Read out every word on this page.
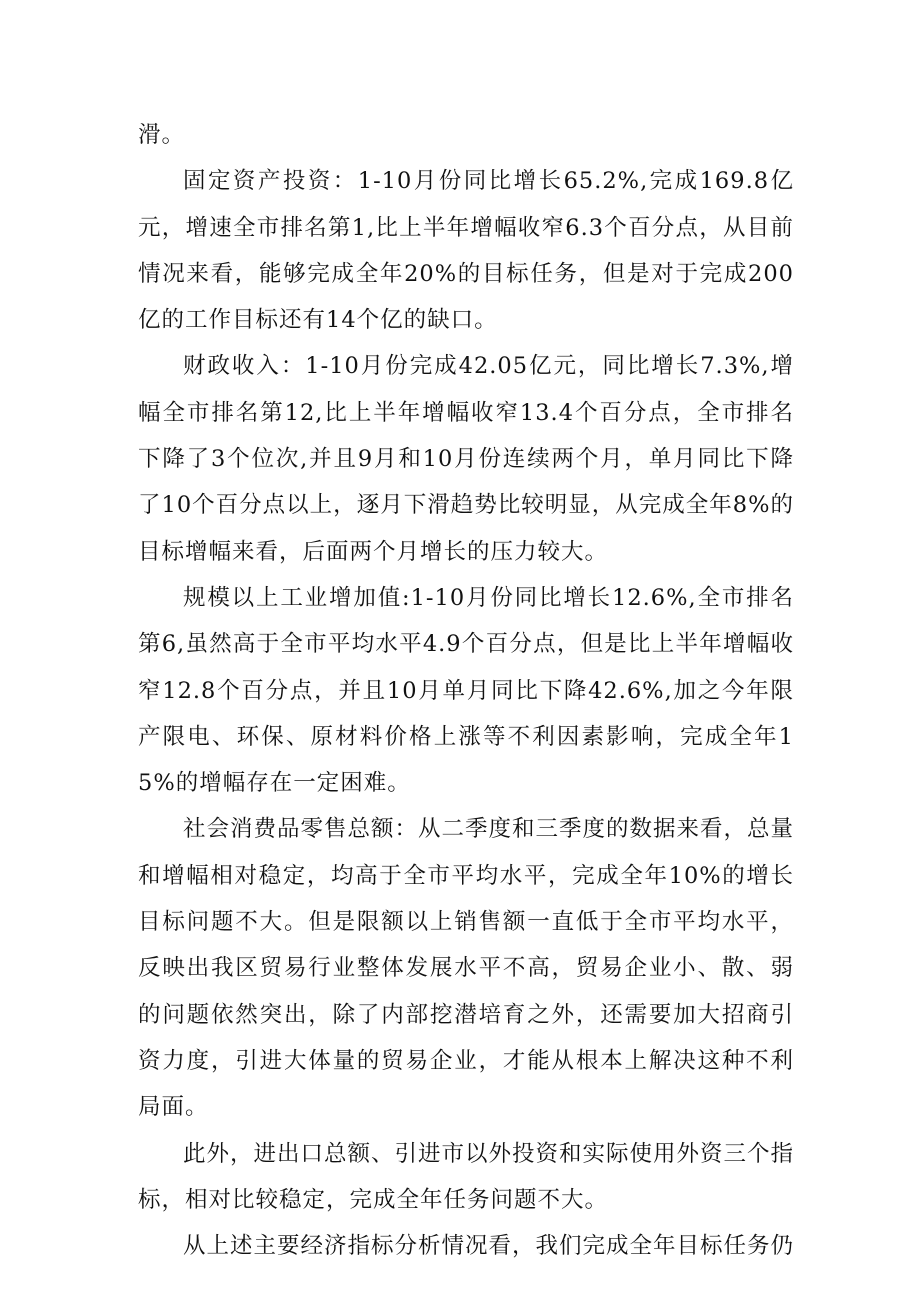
滑。

固定资产投资：1-10月份同比增长65.2%,完成169.8亿元，增速全市排名第1,比上半年增幅收窄6.3个百分点，从目前情况来看，能够完成全年20%的目标任务，但是对于完成200亿的工作目标还有14个亿的缺口。

财政收入：1-10月份完成42.05亿元，同比增长7.3%,增幅全市排名第12,比上半年增幅收窄13.4个百分点，全市排名下降了3个位次,并且9月和10月份连续两个月，单月同比下降了10个百分点以上，逐月下滑趋势比较明显，从完成全年8%的目标增幅来看，后面两个月增长的压力较大。

规模以上工业增加值:1-10月份同比增长12.6%,全市排名第6,虽然高于全市平均水平4.9个百分点，但是比上半年增幅收窄12.8个百分点，并且10月单月同比下降42.6%,加之今年限产限电、环保、原材料价格上涨等不利因素影响，完成全年15%的增幅存在一定困难。

社会消费品零售总额：从二季度和三季度的数据来看，总量和增幅相对稳定，均高于全市平均水平，完成全年10%的增长目标问题不大。但是限额以上销售额一直低于全市平均水平，反映出我区贸易行业整体发展水平不高，贸易企业小、散、弱的问题依然突出，除了内部挖潜培育之外，还需要加大招商引资力度，引进大体量的贸易企业，才能从根本上解决这种不利局面。

此外，进出口总额、引进市以外投资和实际使用外资三个指标，相对比较稳定，完成全年任务问题不大。

从上述主要经济指标分析情况看，我们完成全年目标任务仍
